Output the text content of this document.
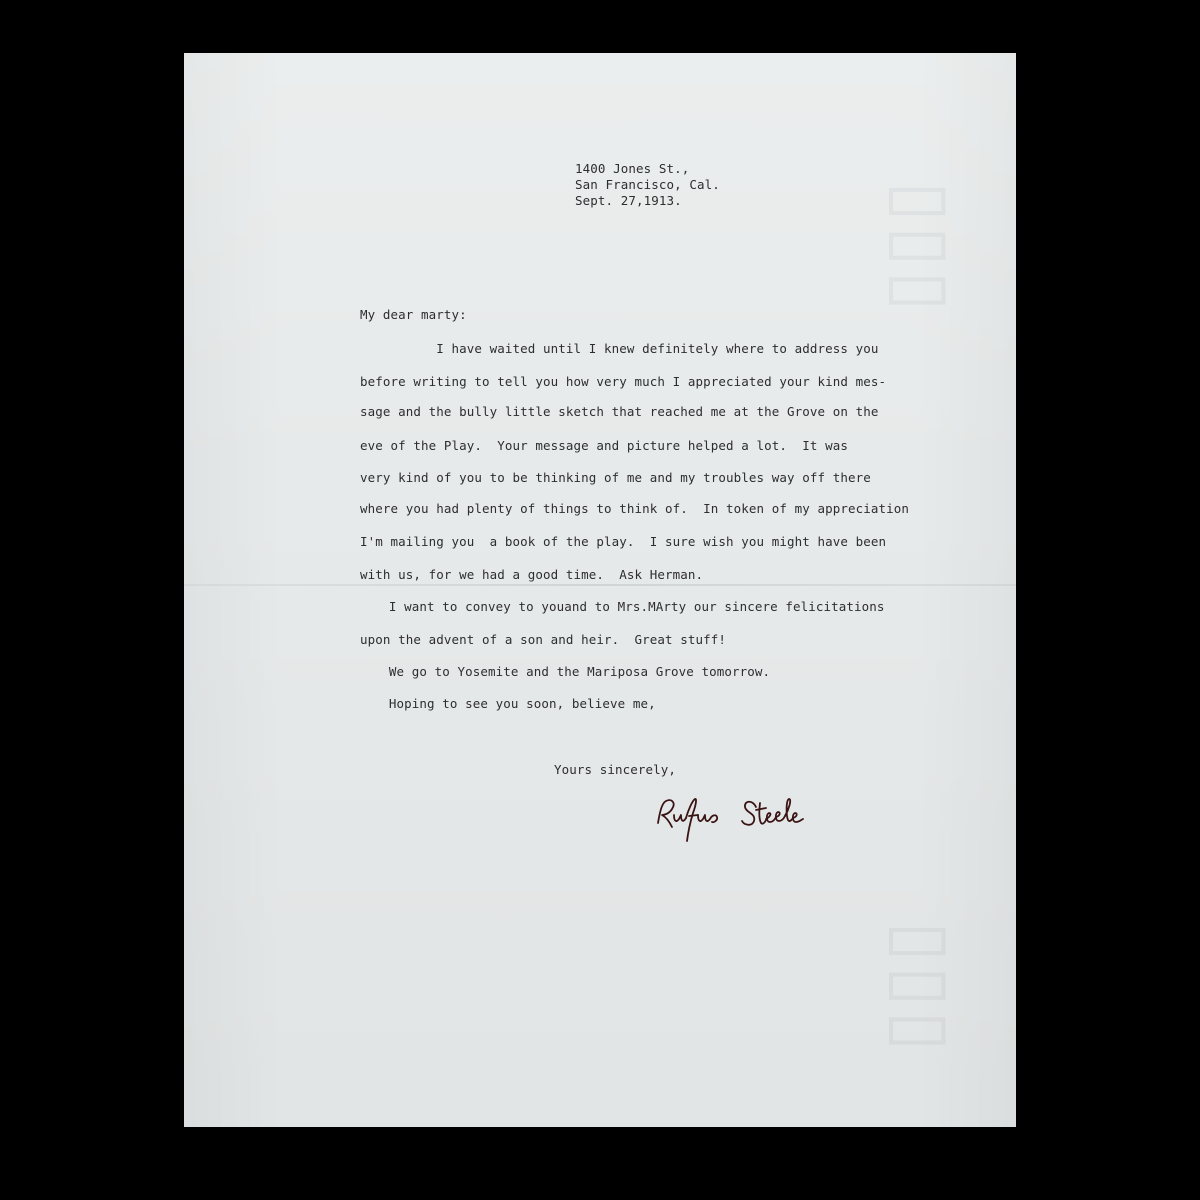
▯▯▯
▯▯▯
1400 Jones St.,
San Francisco, Cal.
Sept. 27,1913.
My dear marty:
I have waited until I knew definitely where to address you
before writing to tell you how very much I appreciated your kind mes-
sage and the bully little sketch that reached me at the Grove on the
eve of the Play.  Your message and picture helped a lot.  It was
very kind of you to be thinking of me and my troubles way off there
where you had plenty of things to think of.  In token of my appreciation
I'm mailing you  a book of the play.  I sure wish you might have been
with us, for we had a good time.  Ask Herman.
I want to convey to youand to Mrs.MArty our sincere felicitations
upon the advent of a son and heir.  Great stuff!
We go to Yosemite and the Mariposa Grove tomorrow.
Hoping to see you soon, believe me,
Yours sincerely,
